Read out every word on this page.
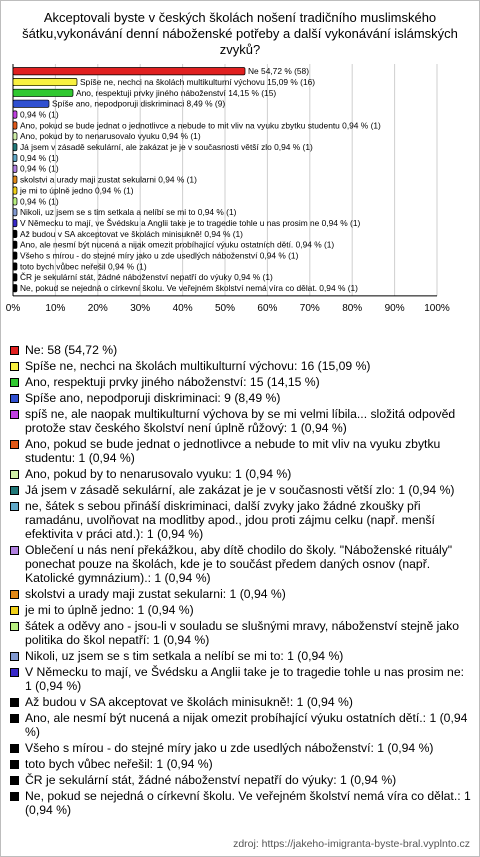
Akceptovali byste v českých školách nošení tradičního muslimského šátku,vykonávání denní náboženské potřeby a další vykonávání islámských zvyků?
0%	10% 20% 30% 40% 50% 60% 70% 80% 90% 100%
Ne 54,72 % (58)
Spíše ne, nechci na školách multikulturní výchovu 15,09 % (16)
Ano, respektuji prvky jiného náboženství 14,15 % (15)
Spíše ano, nepodporuji diskriminaci 8,49 % (9)
0,94 % (1)
Ano, pokud se bude jednat o jednotlivce a nebude to mit vliv na vyuku zbytku studentu 0,94 % (1)
Ano, pokud by to nenarusovalo vyuku 0,94 % (1)
Já jsem v zásadě sekulární, ale zakázat je je v současnosti větší zlo 0,94 % (1)
0,94 % (1)
0,94 % (1)
skolstvi a urady maji zustat sekularni 0,94 % (1)
je mi to úplně jedno 0,94 % (1)
0,94 % (1)
Nikoli, uz jsem se s tim setkala a nelíbí se mi to 0,94 % (1)
V Německu to mají, ve Švédsku a Anglii take je to tragedie tohle u nas prosim ne 0,94 % (1)
Až budou v SA akceptovat ve školách minisukně! 0,94 % (1)
Ano, ale nesmí být nucená a nijak omezit probíhající výuku ostatních dětí. 0,94 % (1)
Všeho s mírou - do stejné míry jako u zde usedlých náboženství 0,94 % (1)
toto bych vůbec neřešil 0,94 % (1)
ČR je sekulární stát, žádné náboženství nepatří do výuky 0,94 % (1)
Ne, pokud se nejedná o církevní školu. Ve veřejném školství nemá víra co dělat. 0,94 % (1)
Ne: 58 (54,72 %)
Spíše ne, nechci na školách multikulturní výchovu: 16 (15,09 %)
Ano, respektuji prvky jiného náboženství: 15 (14,15 %)
Spíše ano, nepodporuji diskriminaci: 9 (8,49 %)
spíš ne, ale naopak multikulturní výchova by se mi velmi líbila... složitá odpověd protože stav českého školství není úplně růžový: 1 (0,94 %)
Ano, pokud se bude jednat o jednotlivce a nebude to mit vliv na vyuku zbytku studentu: 1 (0,94 %)
Ano, pokud by to nenarusovalo vyuku: 1 (0,94 %)
Já jsem v zásadě sekulární, ale zakázat je je v současnosti větší zlo: 1 (0,94 %)
ne, šátek s sebou přináší diskriminaci, další zvyky jako žádné zkoušky při ramadánu, uvolňovat na modlitby apod., jdou proti zájmu celku (např. menší efektivita v práci atd.): 1 (0,94 %)
Oblečení u nás není překážkou, aby dítě chodilo do školy. "Náboženské rituály" ponechat pouze na školách, kde je to součást předem daných osnov (např. Katolické gymnázium).: 1 (0,94 %)
skolstvi a urady maji zustat sekularni: 1 (0,94 %)
je mi to úplně jedno: 1 (0,94 %)
šátek a oděvy ano - jsou-li v souladu se slušnými mravy, náboženství stejně jako politika do škol nepatří: 1 (0,94 %)
Nikoli, uz jsem se s tim setkala a nelíbí se mi to: 1 (0,94 %)
V Německu to mají, ve Švédsku a Anglii take je to tragedie tohle u nas prosim ne: 1 (0,94 %)
Až budou v SA akceptovat ve školách minisukně!: 1 (0,94 %)
Ano, ale nesmí být nucená a nijak omezit probíhající výuku ostatních dětí.: 1 (0,94 %)
Všeho s mírou - do stejné míry jako u zde usedlých náboženství: 1 (0,94 %)
toto bych vůbec neřešil: 1 (0,94 %)
ČR je sekulární stát, žádné náboženství nepatří do výuky: 1 (0,94 %)
Ne, pokud se nejedná o církevní školu. Ve veřejném školství nemá víra co dělat.: 1 (0,94 %)
zdroj: https://jakeho-imigranta-byste-bral.vyplnto.cz
